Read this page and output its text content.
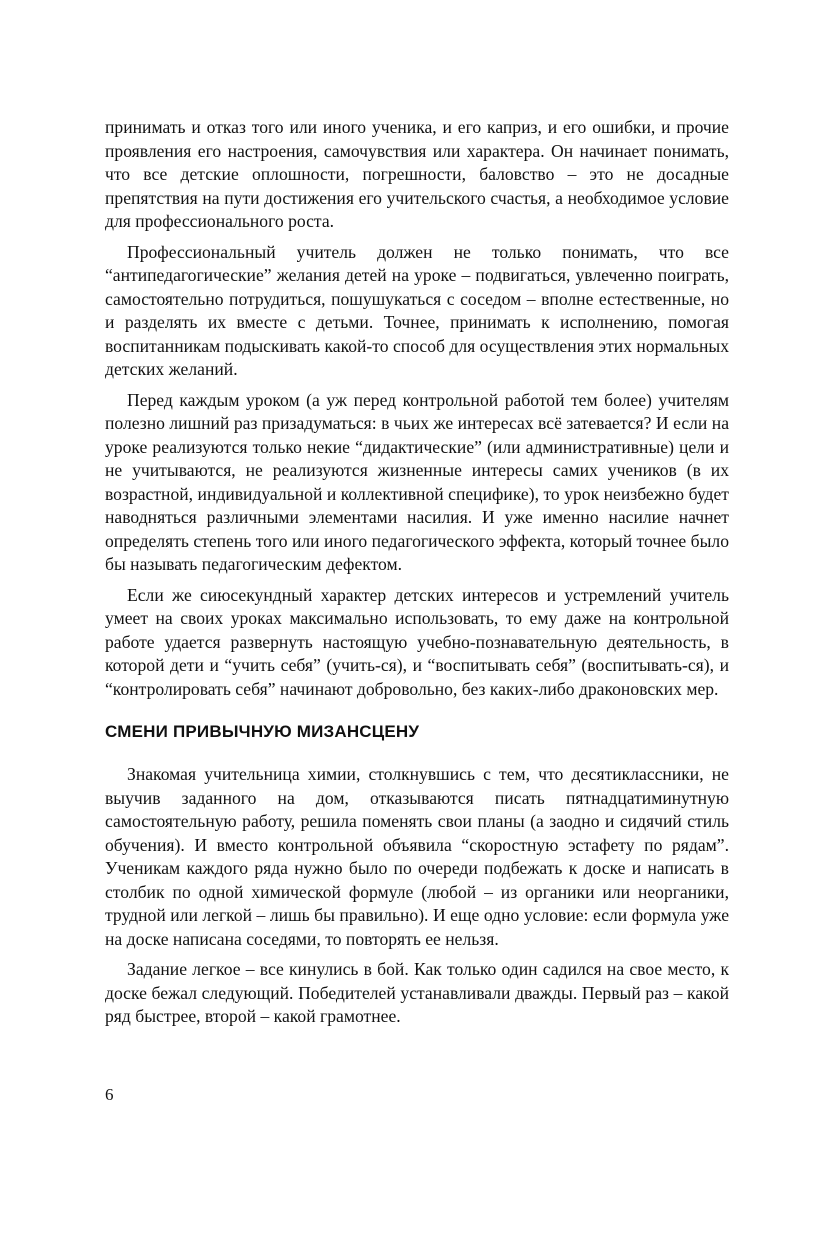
принимать и отказ того или иного ученика, и его каприз, и его ошибки, и прочие проявления его настроения, самочувствия или характера. Он начинает понимать, что все детские оплошности, погрешности, баловство – это не досадные препятствия на пути достижения его учительского счастья, а необходимое условие для профессионального роста.

Профессиональный учитель должен не только понимать, что все “антипедагогические” желания детей на уроке – подвигаться, увлеченно поиграть, самостоятельно потрудиться, пошушукаться с соседом – вполне естественные, но и разделять их вместе с детьми. Точнее, принимать к исполнению, помогая воспитанникам подыскивать какой-то способ для осуществления этих нормальных детских желаний.

Перед каждым уроком (а уж перед контрольной работой тем более) учителям полезно лишний раз призадуматься: в чьих же интересах всё затевается? И если на уроке реализуются только некие “дидактические” (или административные) цели и не учитываются, не реализуются жизненные интересы самих учеников (в их возрастной, индивидуальной и коллективной специфике), то урок неизбежно будет наводняться различными элементами насилия. И уже именно насилие начнет определять степень того или иного педагогического эффекта, который точнее было бы называть педагогическим дефектом.

Если же сиюсекундный характер детских интересов и устремлений учитель умеет на своих уроках максимально использовать, то ему даже на контрольной работе удается развернуть настоящую учебно-познавательную деятельность, в которой дети и “учить себя” (учить-ся), и “воспитывать себя” (воспитывать-ся), и “контролировать себя” начинают добровольно, без каких-либо драконовских мер.

СМЕНИ ПРИВЫЧНУЮ МИЗАНСЦЕНУ

Знакомая учительница химии, столкнувшись с тем, что десятиклассники, не выучив заданного на дом, отказываются писать пятнадцатиминутную самостоятельную работу, решила поменять свои планы (а заодно и сидячий стиль обучения). И вместо контрольной объявила “скоростную эстафету по рядам”. Ученикам каждого ряда нужно было по очереди подбежать к доске и написать в столбик по одной химической формуле (любой – из органики или неорганики, трудной или легкой – лишь бы правильно). И еще одно условие: если формула уже на доске написана соседями, то повторять ее нельзя.

Задание легкое – все кинулись в бой. Как только один садился на свое место, к доске бежал следующий. Победителей устанавливали дважды. Первый раз – какой ряд быстрее, второй – какой грамотнее.

6
